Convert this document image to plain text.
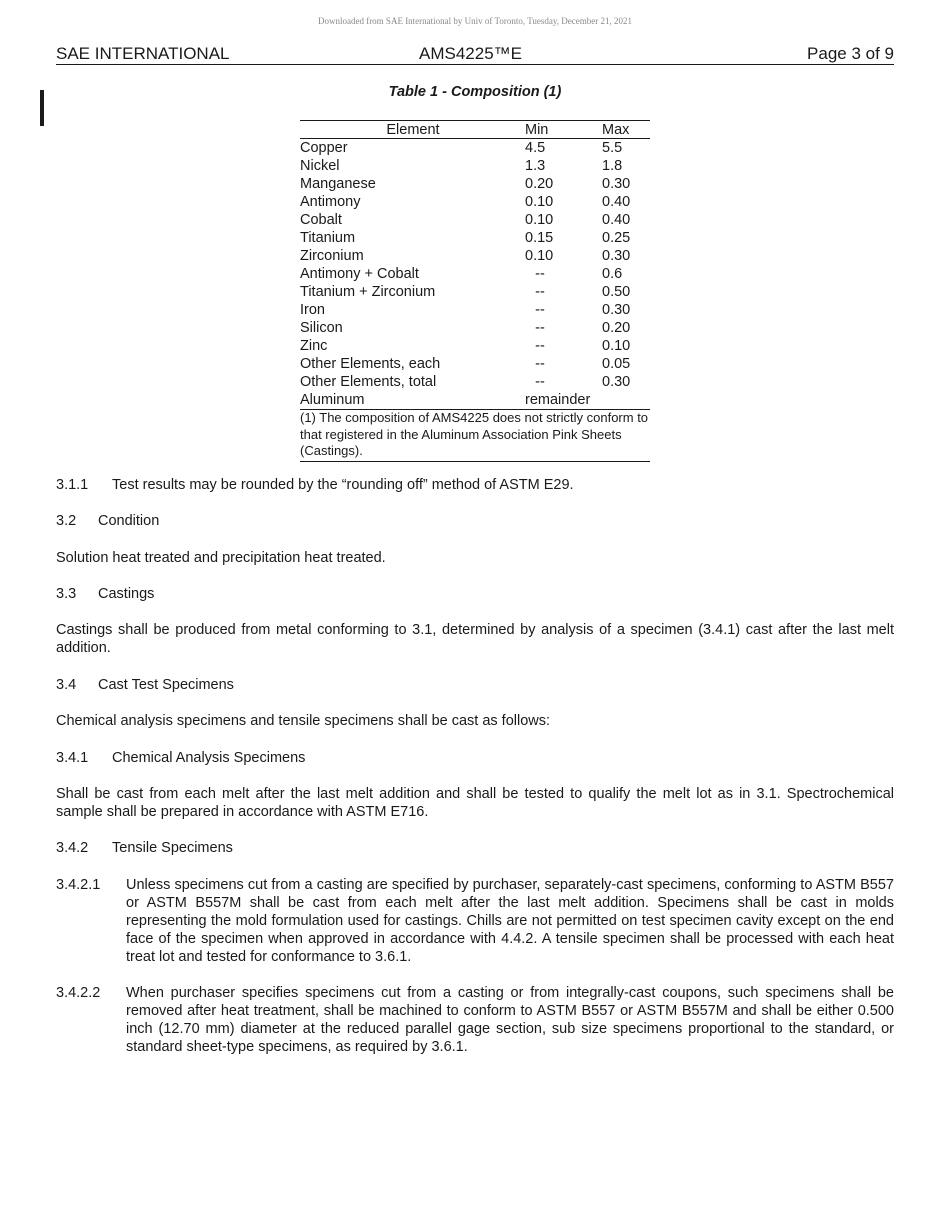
Downloaded from SAE International by Univ of Toronto, Tuesday, December 21, 2021
SAE INTERNATIONAL	AMS4225™E	Page 3 of 9
Table 1 - Composition (1)
Element	Min	Max
Copper	4.5	5.5
Nickel	1.3	1.8
Manganese	0.20	0.30
Antimony	0.10	0.40
Cobalt	0.10	0.40
Titanium	0.15	0.25
Zirconium	0.10	0.30
Antimony + Cobalt	--	0.6
Titanium + Zirconium	--	0.50
Iron	--	0.30
Silicon	--	0.20
Zinc	--	0.10
Other Elements, each	--	0.05
Other Elements, total	--	0.30
Aluminum	remainder
(1) The composition of AMS4225 does not strictly conform to that registered in the Aluminum Association Pink Sheets (Castings).
3.1.1 Test results may be rounded by the “rounding off” method of ASTM E29.
3.2 Condition
Solution heat treated and precipitation heat treated.
3.3 Castings
Castings shall be produced from metal conforming to 3.1, determined by analysis of a specimen (3.4.1) cast after the last melt addition.
3.4 Cast Test Specimens
Chemical analysis specimens and tensile specimens shall be cast as follows:
3.4.1 Chemical Analysis Specimens
Shall be cast from each melt after the last melt addition and shall be tested to qualify the melt lot as in 3.1. Spectrochemical sample shall be prepared in accordance with ASTM E716.
3.4.2 Tensile Specimens
3.4.2.1 Unless specimens cut from a casting are specified by purchaser, separately-cast specimens, conforming to ASTM B557 or ASTM B557M shall be cast from each melt after the last melt addition. Specimens shall be cast in molds representing the mold formulation used for castings. Chills are not permitted on test specimen cavity except on the end face of the specimen when approved in accordance with 4.4.2. A tensile specimen shall be processed with each heat treat lot and tested for conformance to 3.6.1.
3.4.2.2 When purchaser specifies specimens cut from a casting or from integrally-cast coupons, such specimens shall be removed after heat treatment, shall be machined to conform to ASTM B557 or ASTM B557M and shall be either 0.500 inch (12.70 mm) diameter at the reduced parallel gage section, sub size specimens proportional to the standard, or standard sheet-type specimens, as required by 3.6.1.
